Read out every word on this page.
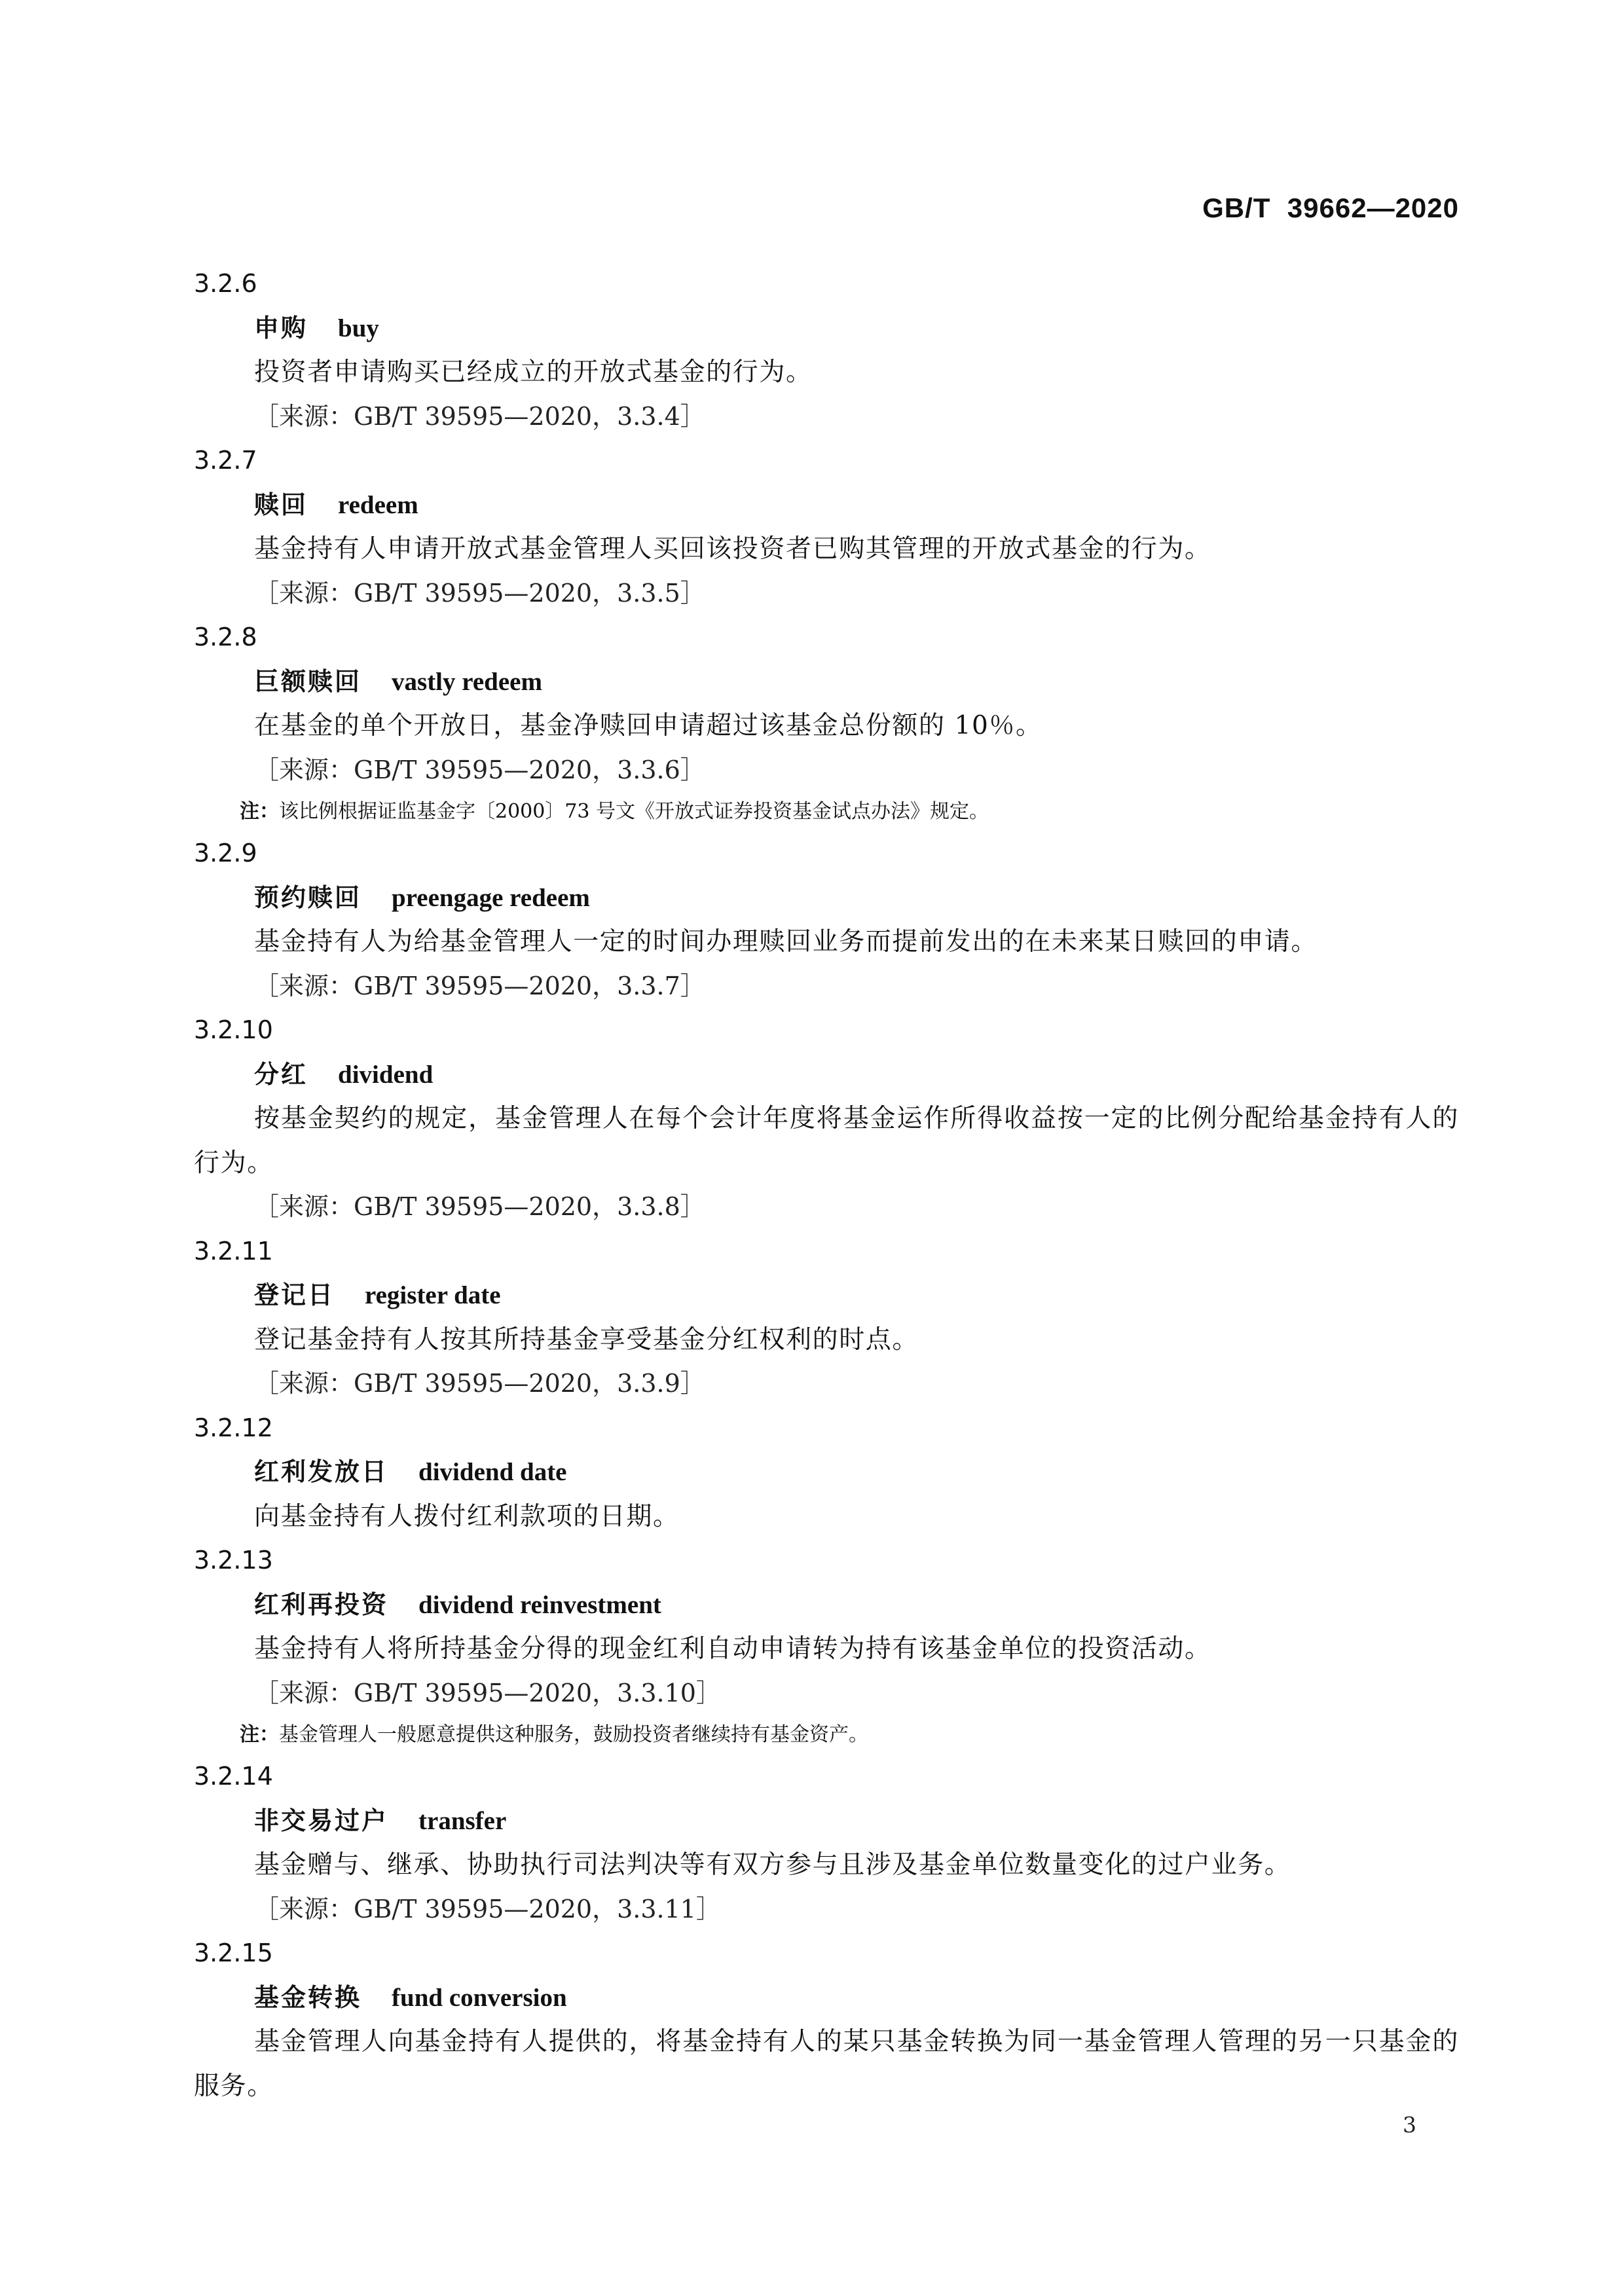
GB/T  39662—2020

3.2.6

申购 buy

投资者申请购买已经成立的开放式基金的行为。

［来源：GB/T 39595—2020，3.3.4］

3.2.7

赎回 redeem

基金持有人申请开放式基金管理人买回该投资者已购其管理的开放式基金的行为。

［来源：GB/T 39595—2020，3.3.5］

3.2.8

巨额赎回 vastly redeem

在基金的单个开放日，基金净赎回申请超过该基金总份额的 10％。

［来源：GB/T 39595—2020，3.3.6］

注：该比例根据证监基金字〔2000〕73 号文《开放式证券投资基金试点办法》规定。

3.2.9

预约赎回 preengage redeem

基金持有人为给基金管理人一定的时间办理赎回业务而提前发出的在未来某日赎回的申请。

［来源：GB/T 39595—2020，3.3.7］

3.2.10

分红 dividend

按基金契约的规定，基金管理人在每个会计年度将基金运作所得收益按一定的比例分配给基金持有人的行为。

［来源：GB/T 39595—2020，3.3.8］

3.2.11

登记日 register date

登记基金持有人按其所持基金享受基金分红权利的时点。

［来源：GB/T 39595—2020，3.3.9］

3.2.12

红利发放日 dividend date

向基金持有人拨付红利款项的日期。

3.2.13

红利再投资 dividend reinvestment

基金持有人将所持基金分得的现金红利自动申请转为持有该基金单位的投资活动。

［来源：GB/T 39595—2020，3.3.10］

注：基金管理人一般愿意提供这种服务，鼓励投资者继续持有基金资产。

3.2.14

非交易过户 transfer

基金赠与、继承、协助执行司法判决等有双方参与且涉及基金单位数量变化的过户业务。

［来源：GB/T 39595—2020，3.3.11］

3.2.15

基金转换 fund conversion

基金管理人向基金持有人提供的，将基金持有人的某只基金转换为同一基金管理人管理的另一只基金的服务。

3
